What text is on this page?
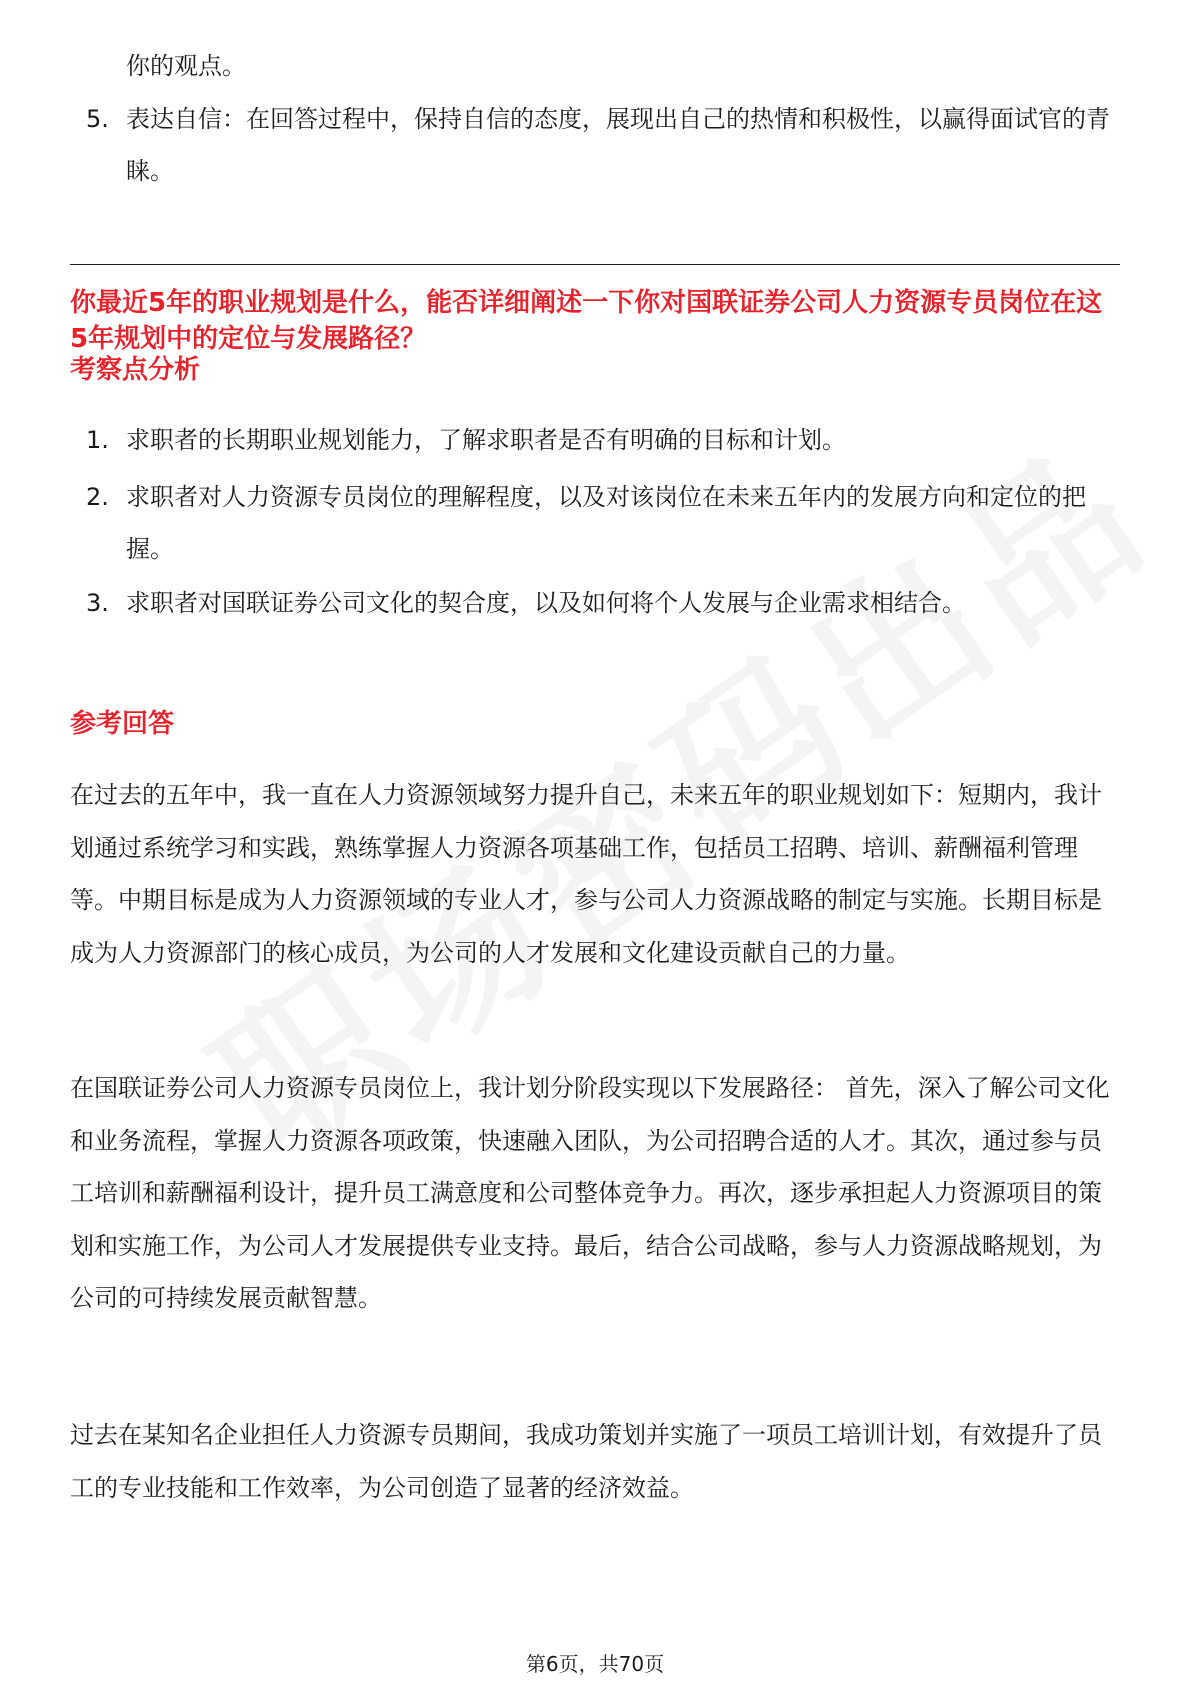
你的观点。
5. 表达自信：在回答过程中，保持自信的态度，展现出自己的热情和积极性，以赢得面试官的青睐。
你最近5年的职业规划是什么，能否详细阐述一下你对国联证券公司人力资源专员岗位在这5年规划中的定位与发展路径？
考察点分析
1. 求职者的长期职业规划能力，了解求职者是否有明确的目标和计划。
2. 求职者对人力资源专员岗位的理解程度，以及对该岗位在未来五年内的发展方向和定位的把握。
3. 求职者对国联证券公司文化的契合度，以及如何将个人发展与企业需求相结合。
参考回答
在过去的五年中，我一直在人力资源领域努力提升自己，未来五年的职业规划如下：短期内，我计划通过系统学习和实践，熟练掌握人力资源各项基础工作，包括员工招聘、培训、薪酬福利管理等。中期目标是成为人力资源领域的专业人才，参与公司人力资源战略的制定与实施。长期目标是成为人力资源部门的核心成员，为公司的人才发展和文化建设贡献自己的力量。
在国联证券公司人力资源专员岗位上，我计划分阶段实现以下发展路径： 首先，深入了解公司文化和业务流程，掌握人力资源各项政策，快速融入团队，为公司招聘合适的人才。其次，通过参与员工培训和薪酬福利设计，提升员工满意度和公司整体竞争力。再次，逐步承担起人力资源项目的策划和实施工作，为公司人才发展提供专业支持。最后，结合公司战略，参与人力资源战略规划，为公司的可持续发展贡献智慧。
过去在某知名企业担任人力资源专员期间，我成功策划并实施了一项员工培训计划，有效提升了员工的专业技能和工作效率，为公司创造了显著的经济效益。
第6页，共70页
